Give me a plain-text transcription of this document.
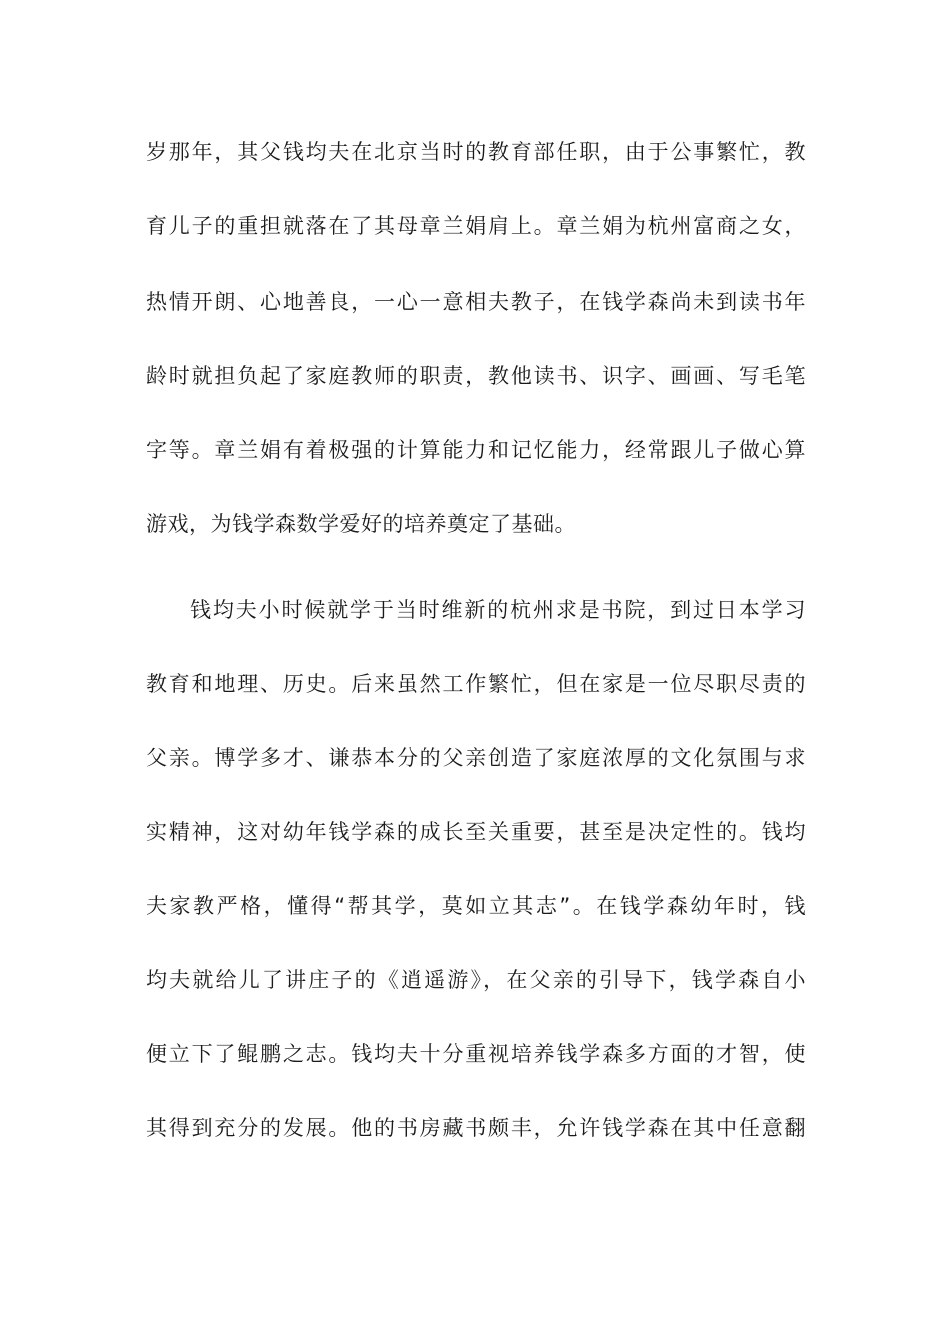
岁那年，其父钱均夫在北京当时的教育部任职，由于公事繁忙，教
育儿子的重担就落在了其母章兰娟肩上。章兰娟为杭州富商之女，
热情开朗、心地善良，一心一意相夫教子，在钱学森尚未到读书年
龄时就担负起了家庭教师的职责，教他读书、识字、画画、写毛笔
字等。章兰娟有着极强的计算能力和记忆能力，经常跟儿子做心算
游戏，为钱学森数学爱好的培养奠定了基础。
钱均夫小时候就学于当时维新的杭州求是书院，到过日本学习
教育和地理、历史。后来虽然工作繁忙，但在家是一位尽职尽责的
父亲。博学多才、谦恭本分的父亲创造了家庭浓厚的文化氛围与求
实精神，这对幼年钱学森的成长至关重要，甚至是决定性的。钱均
夫家教严格，懂得“帮其学，莫如立其志”。在钱学森幼年时，钱
均夫就给儿了讲庄子的《逍遥游》，在父亲的引导下，钱学森自小
便立下了鲲鹏之志。钱均夫十分重视培养钱学森多方面的才智，使
其得到充分的发展。他的书房藏书颇丰，允许钱学森在其中任意翻
